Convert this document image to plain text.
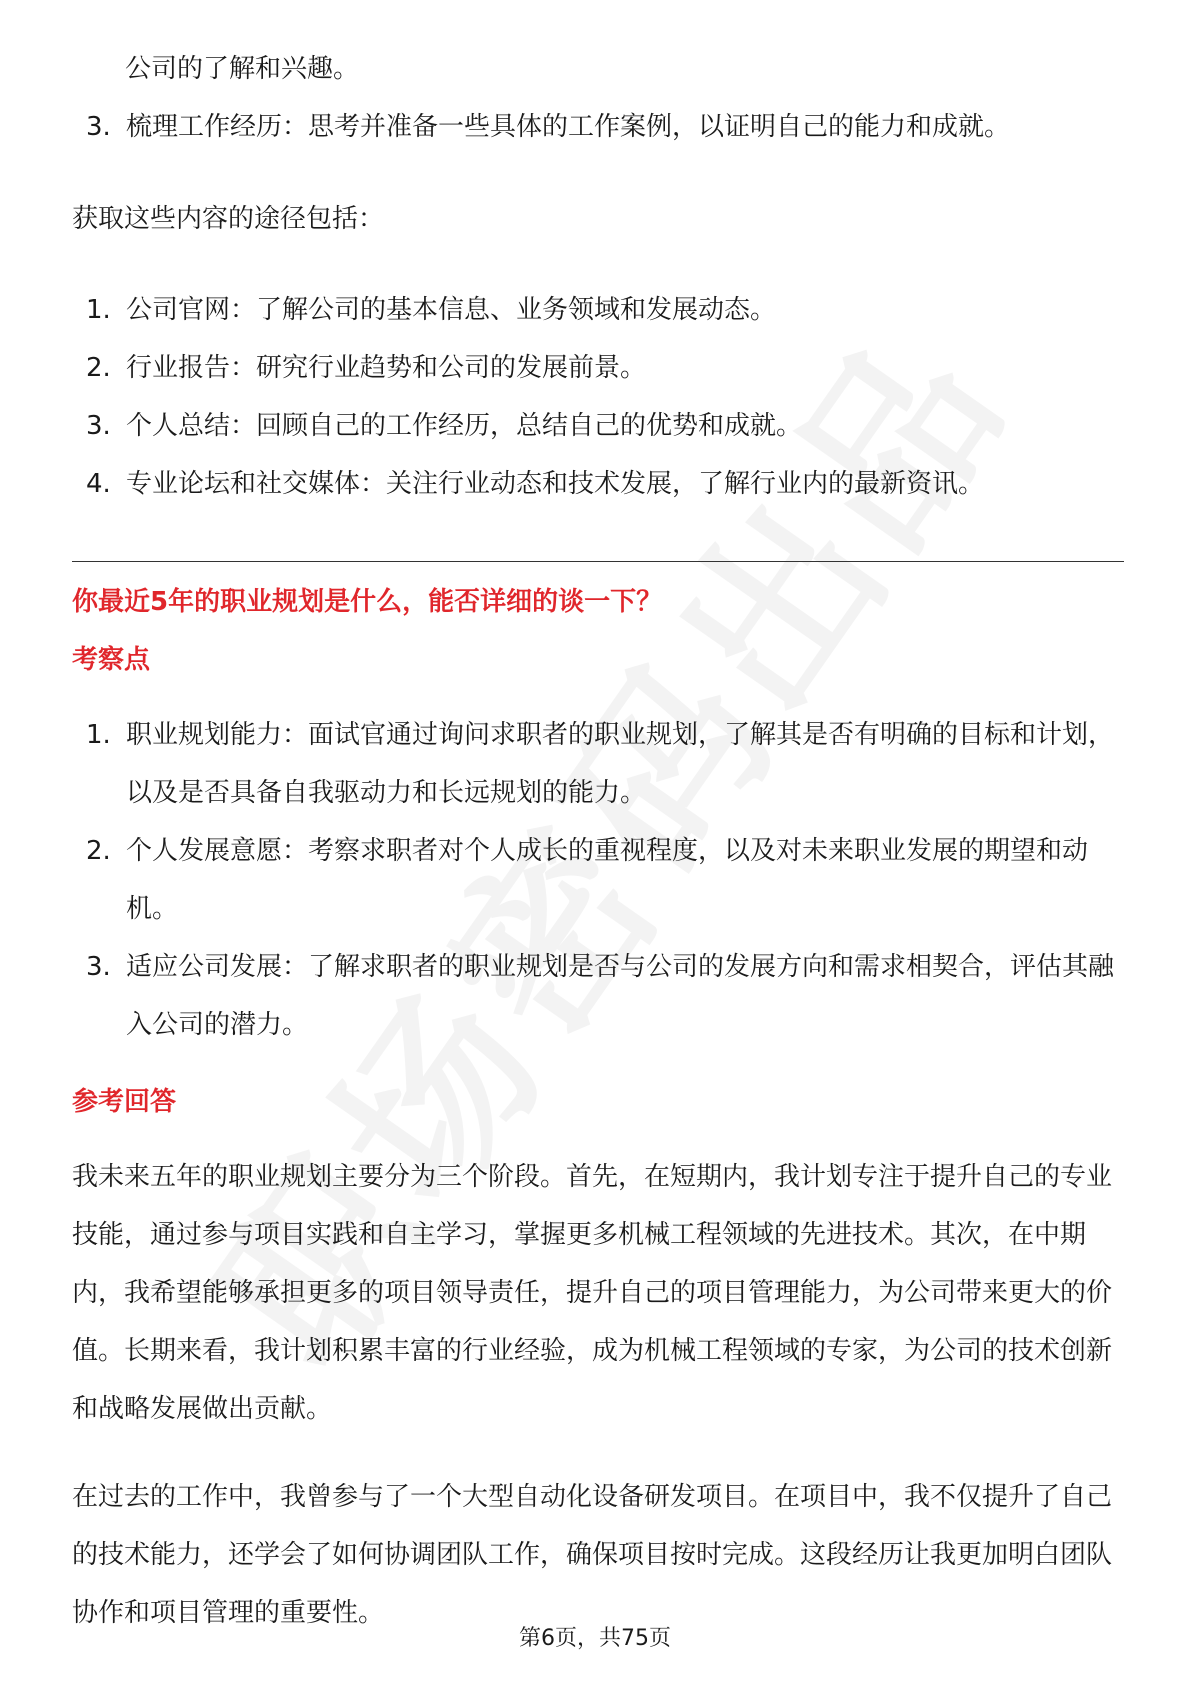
公司的了解和兴趣。

3. 梳理工作经历：思考并准备一些具体的工作案例，以证明自己的能力和成就。

获取这些内容的途径包括：

1. 公司官网：了解公司的基本信息、业务领域和发展动态。
2. 行业报告：研究行业趋势和公司的发展前景。
3. 个人总结：回顾自己的工作经历，总结自己的优势和成就。
4. 专业论坛和社交媒体：关注行业动态和技术发展，了解行业内的最新资讯。
你最近5年的职业规划是什么，能否详细的谈一下？
考察点
1. 职业规划能力：面试官通过询问求职者的职业规划，了解其是否有明确的目标和计划，以及是否具备自我驱动力和长远规划的能力。
2. 个人发展意愿：考察求职者对个人成长的重视程度，以及对未来职业发展的期望和动机。
3. 适应公司发展：了解求职者的职业规划是否与公司的发展方向和需求相契合，评估其融入公司的潜力。
参考回答

我未来五年的职业规划主要分为三个阶段。首先，在短期内，我计划专注于提升自己的专业技能，通过参与项目实践和自主学习，掌握更多机械工程领域的先进技术。其次，在中期内，我希望能够承担更多的项目领导责任，提升自己的项目管理能力，为公司带来更大的价值。长期来看，我计划积累丰富的行业经验，成为机械工程领域的专家，为公司的技术创新和战略发展做出贡献。

在过去的工作中，我曾参与了一个大型自动化设备研发项目。在项目中，我不仅提升了自己的技术能力，还学会了如何协调团队工作，确保项目按时完成。这段经历让我更加明白团队协作和项目管理的重要性。

第6页，共75页
